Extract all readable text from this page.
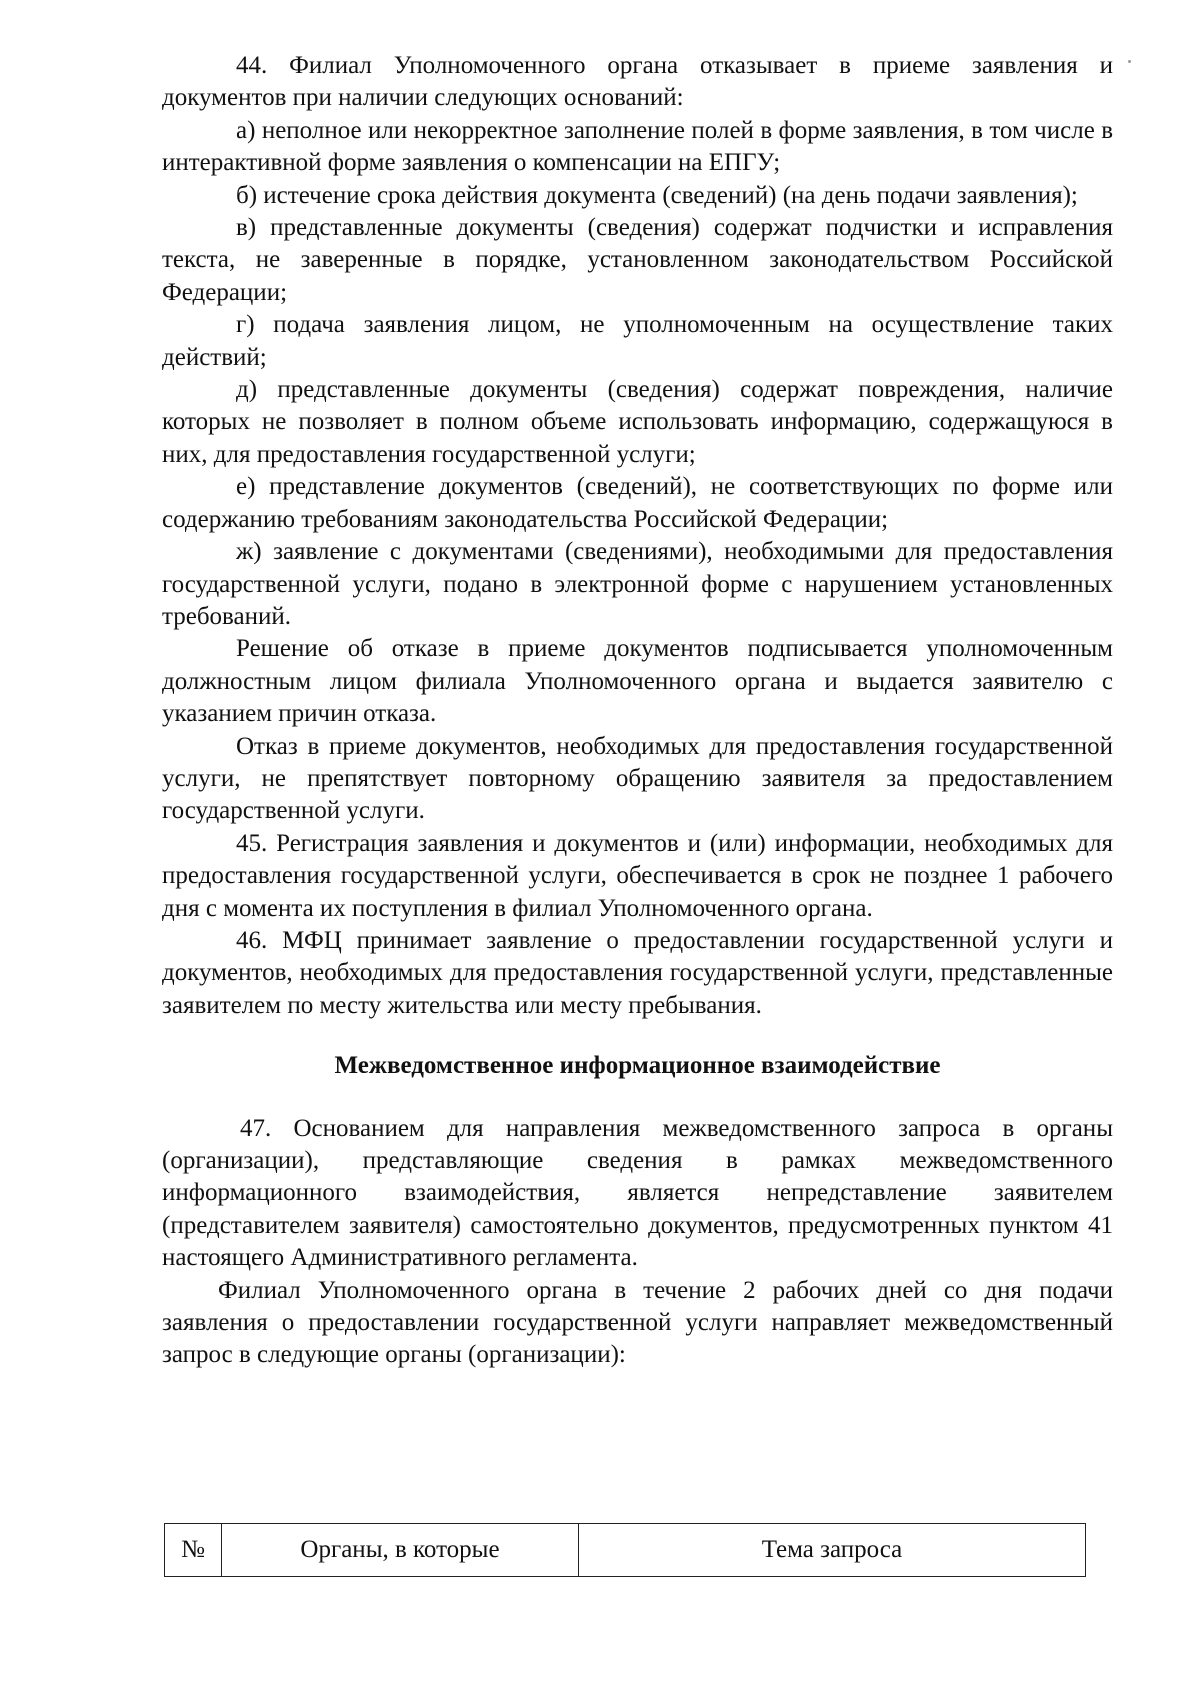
44. Филиал Уполномоченного органа отказывает в приеме заявления и документов при наличии следующих оснований:

а) неполное или некорректное заполнение полей в форме заявления, в том числе в интерактивной форме заявления о компенсации на ЕПГУ;

б) истечение срока действия документа (сведений) (на день подачи заявления);

в) представленные документы (сведения) содержат подчистки и исправления текста, не заверенные в порядке, установленном законодательством Российской Федерации;

г) подача заявления лицом, не уполномоченным на осуществление таких действий;

д) представленные документы (сведения) содержат повреждения, наличие которых не позволяет в полном объеме использовать информацию, содержащуюся в них, для предоставления государственной услуги;

е) представление документов (сведений), не соответствующих по форме или содержанию требованиям законодательства Российской Федерации;

ж) заявление с документами (сведениями), необходимыми для предоставления государственной услуги, подано в электронной форме с нарушением установленных требований.

Решение об отказе в приеме документов подписывается уполномоченным должностным лицом филиала Уполномоченного органа и выдается заявителю с указанием причин отказа.

Отказ в приеме документов, необходимых для предоставления государственной услуги, не препятствует повторному обращению заявителя за предоставлением государственной услуги.

45. Регистрация заявления и документов и (или) информации, необходимых для предоставления государственной услуги, обеспечивается в срок не позднее 1 рабочего дня с момента их поступления в филиал Уполномоченного органа.

46. МФЦ принимает заявление о предоставлении государственной услуги и документов, необходимых для предоставления государственной услуги, представленные заявителем по месту жительства или месту пребывания.

Межведомственное информационное взаимодействие

47. Основанием для направления межведомственного запроса в органы (организации), представляющие сведения в рамках межведомственного информационного взаимодействия, является непредставление заявителем (представителем заявителя) самостоятельно документов, предусмотренных пунктом 41 настоящего Административного регламента.

Филиал Уполномоченного органа в течение 2 рабочих дней со дня подачи заявления о предоставлении государственной услуги направляет межведомственный запрос в следующие органы (организации):

№	Органы, в которые	Тема запроса
